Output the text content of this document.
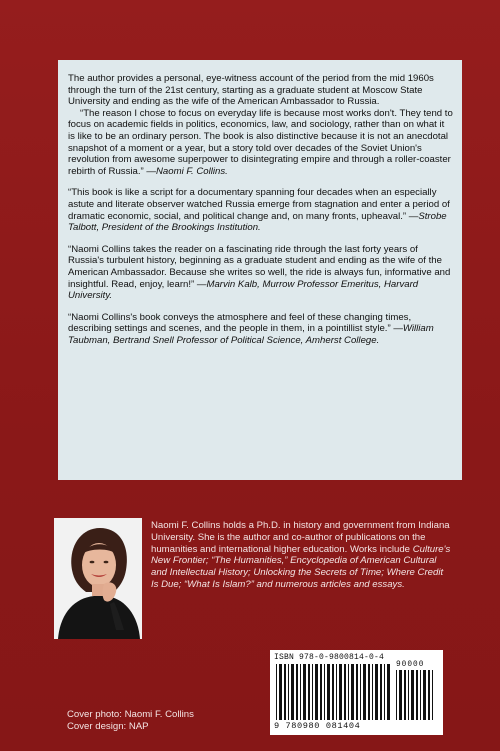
The author provides a personal, eye-witness account of the period from the mid 1960s through the turn of the 21st century, starting as a graduate student at Moscow State University and ending as the wife of the American Ambassador to Russia.

“The reason I chose to focus on everyday life is because most works don't. They tend to focus on academic fields in politics, economics, law, and sociology, rather than on what it is like to be an ordinary person. The book is also distinctive because it is not an anecdotal snapshot of a moment or a year, but a story told over decades of the Soviet Union's revolution from awesome superpower to disintegrating empire and through a roller-coaster rebirth of Russia.” —Naomi F. Collins.

“This book is like a script for a documentary spanning four decades when an especially astute and literate observer watched Russia emerge from stagnation and enter a period of dramatic economic, social, and political change and, on many fronts, upheaval.” —Strobe Talbott, President of the Brookings Institution.

“Naomi Collins takes the reader on a fascinating ride through the last forty years of Russia's turbulent history, beginning as a graduate student and ending as the wife of the American Ambassador. Because she writes so well, the ride is always fun, informative and insightful. Read, enjoy, learn!” —Marvin Kalb, Murrow Professor Emeritus, Harvard University.

“Naomi Collins's book conveys the atmosphere and feel of these changing times, describing settings and scenes, and the people in them, in a pointillist style.” —William Taubman, Bertrand Snell Professor of Political Science, Amherst College.

Naomi F. Collins holds a Ph.D. in history and government from Indiana University. She is the author and co-author of publications on the humanities and international higher education. Works include Culture's New Frontier; “The Humanities,” Encyclopedia of American Cultural and Intellectual History; Unlocking the Secrets of Time; Where Credit Is Due; “What Is Islam?” and numerous articles and essays.
ISBN 978-0-9800814-0-4
90000
9 780980 081404
Cover photo: Naomi F. Collins
Cover design: NAP
